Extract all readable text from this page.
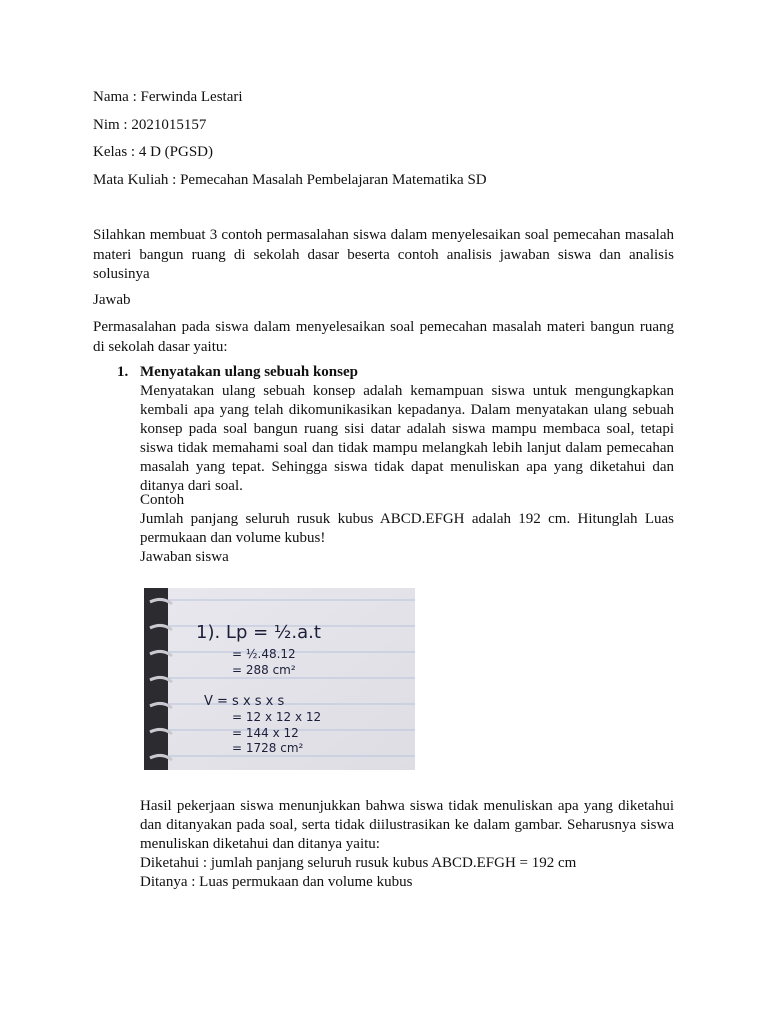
Nama : Ferwinda Lestari
Nim : 2021015157
Kelas : 4 D (PGSD)
Mata Kuliah : Pemecahan Masalah Pembelajaran Matematika SD
Silahkan membuat 3 contoh permasalahan siswa dalam menyelesaikan soal pemecahan masalah materi bangun ruang di sekolah dasar beserta contoh analisis jawaban siswa dan analisis solusinya
Jawab
Permasalahan pada siswa dalam menyelesaikan soal pemecahan masalah materi bangun ruang di sekolah dasar yaitu:
1. Menyatakan ulang sebuah konsep
Menyatakan ulang sebuah konsep adalah kemampuan siswa untuk mengungkapkan kembali apa yang telah dikomunikasikan kepadanya. Dalam menyatakan ulang sebuah konsep pada soal bangun ruang sisi datar adalah siswa mampu membaca soal, tetapi siswa tidak memahami soal dan tidak mampu melangkah lebih lanjut dalam pemecahan masalah yang tepat. Sehingga siswa tidak dapat menuliskan apa yang diketahui dan ditanya dari soal.
Contoh
Jumlah panjang seluruh rusuk kubus ABCD.EFGH adalah 192 cm. Hitunglah Luas permukaan dan volume kubus!
Jawaban siswa
1). Lp = ½.a.t
= ½.48.12
= 288 cm²
V = s x s x s
= 12 x 12 x 12
= 144 x 12
= 1728 cm²
Hasil pekerjaan siswa menunjukkan bahwa siswa tidak menuliskan apa yang diketahui dan ditanyakan pada soal, serta tidak diilustrasikan ke dalam gambar. Seharusnya siswa menuliskan diketahui dan ditanya yaitu:
Diketahui : jumlah panjang seluruh rusuk kubus ABCD.EFGH = 192 cm
Ditanya : Luas permukaan dan volume kubus
